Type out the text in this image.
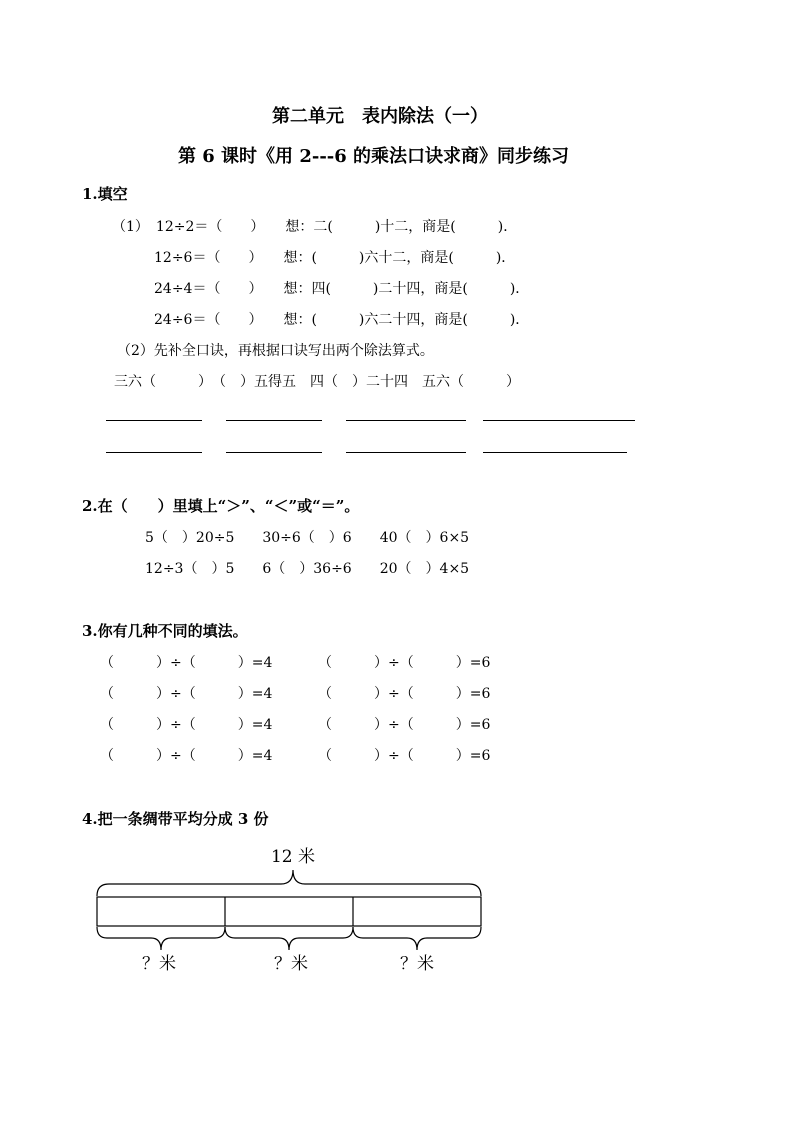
第二单元　表内除法（一）
第 6 课时《用 2---6 的乘法口诀求商》同步练习
1.填空
（1）　12÷2＝（　　）　　想：二(　　　)十二，商是(　　　)．
12÷6＝（　　）　　想：(　　　)六十二，商是(　　　)．
24÷4＝（　　）　　想：四(　　　)二十四，商是(　　　)．
24÷6＝（　　）　　想：(　　　)六二十四，商是(　　　)．
（2）先补全口诀，再根据口诀写出两个除法算式。
三六（　　　）　（　）五得五　四（　）二十四　五六（　　　）
2.在（　　）里填上“＞”、“＜”或“＝”。
5（　）20÷5　　30÷6（　）6　　40（　）6×5
12÷3（　）5　　6（　）36÷6　　20（　）4×5
3.你有几种不同的填法。
（　　　）÷（　　　）=4	（　　　）÷（　　　）=6
（　　　）÷（　　　）=4	（　　　）÷（　　　）=6
（　　　）÷（　　　）=4	（　　　）÷（　　　）=6
（　　　）÷（　　　）=4	（　　　）÷（　　　）=6
4.把一条绸带平均分成 3 份
12 米
？米	？米	？米
